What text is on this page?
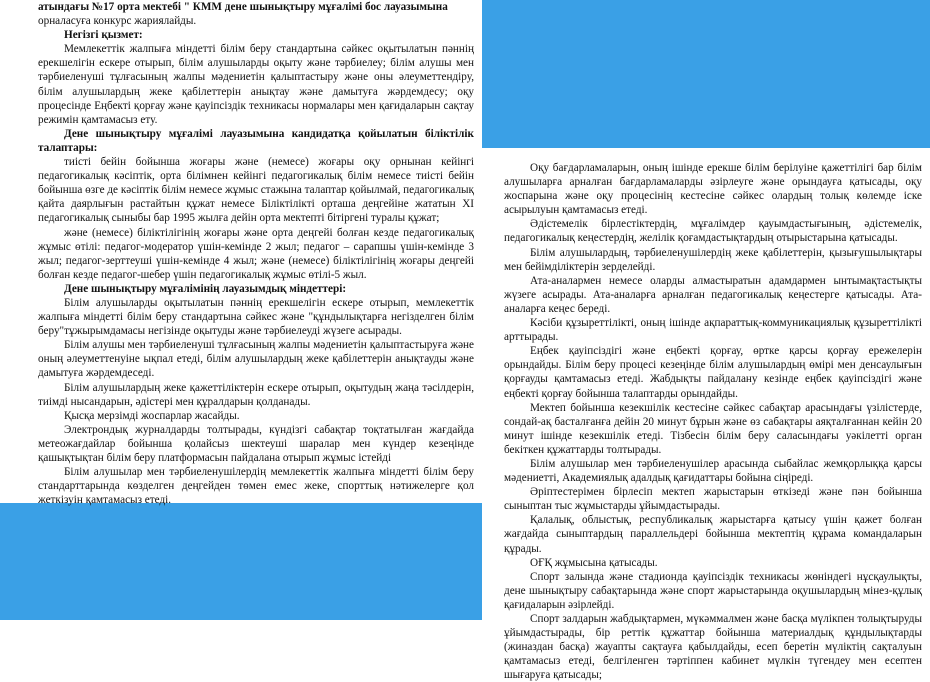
атындағы №17 орта мектебі " КММ дене шынықтыру мұғалімі бос лауазымына

орналасуға конкурс жариялайды.

Негізгі қызмет:

Мемлекеттік жалпыға міндетті білім беру стандартына сәйкес оқытылатын пәннің ерекшелігін ескере отырып, білім алушыларды оқыту және тәрбиелеу; білім алушы мен тәрбиеленуші тұлғасының жалпы мәдениетін қалыптастыру және оны әлеуметтендіру, білім алушылардың жеке қабілеттерін анықтау және дамытуға жәрдемдесу; оқу процесінде Еңбекті қорғау және қауіпсіздік техникасы нормалары мен қағидаларын сақтау режимін қамтамасыз ету.

Дене шынықтыру мұғалімі лауазымына кандидатқа қойылатын біліктілік талаптары:

тиісті бейін бойынша жоғары және (немесе) жоғары оқу орнынан кейінгі педагогикалық кәсіптік, орта білімнен кейінгі педагогикалық білім немесе тиісті бейін бойынша өзге де кәсіптік білім немесе жұмыс стажына талаптар қойылмай, педагогикалық қайта даярлығын растайтын құжат немесе Біліктілікті орташа деңгейіне жататын XI педагогикалық сыныбы бар 1995 жылға дейін орта мектепті бітіргені туралы құжат;

және (немесе) біліктілігінің жоғары және орта деңгейі болған кезде педагогикалық жұмыс өтілі: педагог-модератор үшін-кемінде 2 жыл; педагог – сарапшы үшін-кемінде 3 жыл; педагог-зерттеуші үшін-кемінде 4 жыл; және (немесе) біліктілігінің жоғары деңгейі болған кезде педагог-шебер үшін педагогикалық жұмыс өтілі-5 жыл.

Дене шынықтыру мұғалімінің лауазымдық міндеттері:

Білім алушыларды оқытылатын пәннің ерекшелігін ескере отырып, мемлекеттік жалпыға міндетті білім беру стандартына сәйкес және "құндылықтарға негізделген білім беру"тұжырымдамасы негізінде оқытуды және тәрбиелеуді жүзеге асырады.

Білім алушы мен тәрбиеленуші тұлғасының жалпы мәдениетін қалыптастыруға және оның әлеуметтенуіне ықпал етеді, білім алушылардың жеке қабілеттерін анықтауды және дамытуға жәрдемдеседі.

Білім алушылардың жеке қажеттіліктерін ескере отырып, оқытудың жаңа тәсілдерін, тиімді нысандарын, әдістері мен құралдарын қолданады.

Қысқа мерзімді жоспарлар жасайды.

Электрондық журналдарды толтырады, күндізгі сабақтар тоқтатылған жағдайда метеожағдайлар бойынша қолайсыз шектеуші шаралар мен күндер кезеңінде қашықтықтан білім беру платформасын пайдалана отырып жұмыс істейді

Білім алушылар мен тәрбиеленушілердің мемлекеттік жалпыға міндетті білім беру стандарттарында көзделген деңгейден төмен емес жеке, спорттық нәтижелерге қол жеткізуін қамтамасыз етеді.

Оқу бағдарламаларын, оның ішінде ерекше білім берілуіне қажеттілігі бар білім алушыларға арналған бағдарламаларды әзірлеуге және орындауға қатысады, оқу жоспарына және оқу процесінің кестесіне сәйкес олардың толық көлемде іске асырылуын қамтамасыз етеді.

Әдістемелік бірлестіктердің, мұғалімдер қауымдастығының, әдістемелік, педагогикалық кеңестердің, желілік қоғамдастықтардың отырыстарына қатысады.

Білім алушылардың, тәрбиеленушілердің жеке қабілеттерін, қызығушылықтары мен бейімділіктерін зерделейді.

Ата-аналармен немесе оларды алмастыратын адамдармен ынтымақтастықты жүзеге асырады. Ата-аналарға арналған педагогикалық кеңестерге қатысады. Ата-аналарға кеңес береді.

Кәсіби құзыреттілікті, оның ішінде ақпараттық-коммуникациялық құзыреттілікті арттырады.

Еңбек қауіпсіздігі және еңбекті қорғау, өртке қарсы қорғау ережелерін орындайды. Білім беру процесі кезеңінде білім алушылардың өмірі мен денсаулығын қорғауды қамтамасыз етеді. Жабдықты пайдалану кезінде еңбек қауіпсіздігі және еңбекті қорғау бойынша талаптарды орындайды.

Мектеп бойынша кезекшілік кестесіне сәйкес сабақтар арасындағы үзілістерде, сондай-ақ басталғанға дейін 20 минут бұрын және өз сабақтары аяқталғаннан кейін 20 минут ішінде кезекшілік етеді. Тізбесін білім беру саласындағы уәкілетті орган бекіткен құжаттарды толтырады.

Білім алушылар мен тәрбиеленушілер арасында сыбайлас жемқорлыққа қарсы мәдениетті, Академиялық адалдық қағидаттары бойына сіңіреді.

Әріптестерімен бірлесіп мектеп жарыстарын өткізеді және пән бойынша сыныптан тыс жұмыстарды ұйымдастырады.

Қалалық, облыстық, республикалық жарыстарға қатысу үшін қажет болған жағдайда сыныптардың параллельдері бойынша мектептің құрама командаларын құрады.

ОҒҚ жұмысына қатысады.

Спорт залында және стадионда қауіпсіздік техникасы жөніндегі нұсқаулықты, дене шынықтыру сабақтарында және спорт жарыстарында оқушылардың мінез-құлық қағидаларын әзірлейді.

Спорт залдарын жабдықтармен, мүкәммалмен және басқа мүлікпен толықтыруды ұйымдастырады, бір реттік құжаттар бойынша материалдық құндылықтарды (жиназдан басқа) жауапты сақтауға қабылдайды, есеп беретін мүліктің сақталуын қамтамасыз етеді, белгіленген тәртіппен кабинет мүлкін түгендеу мен есептен шығаруға қатысады;
